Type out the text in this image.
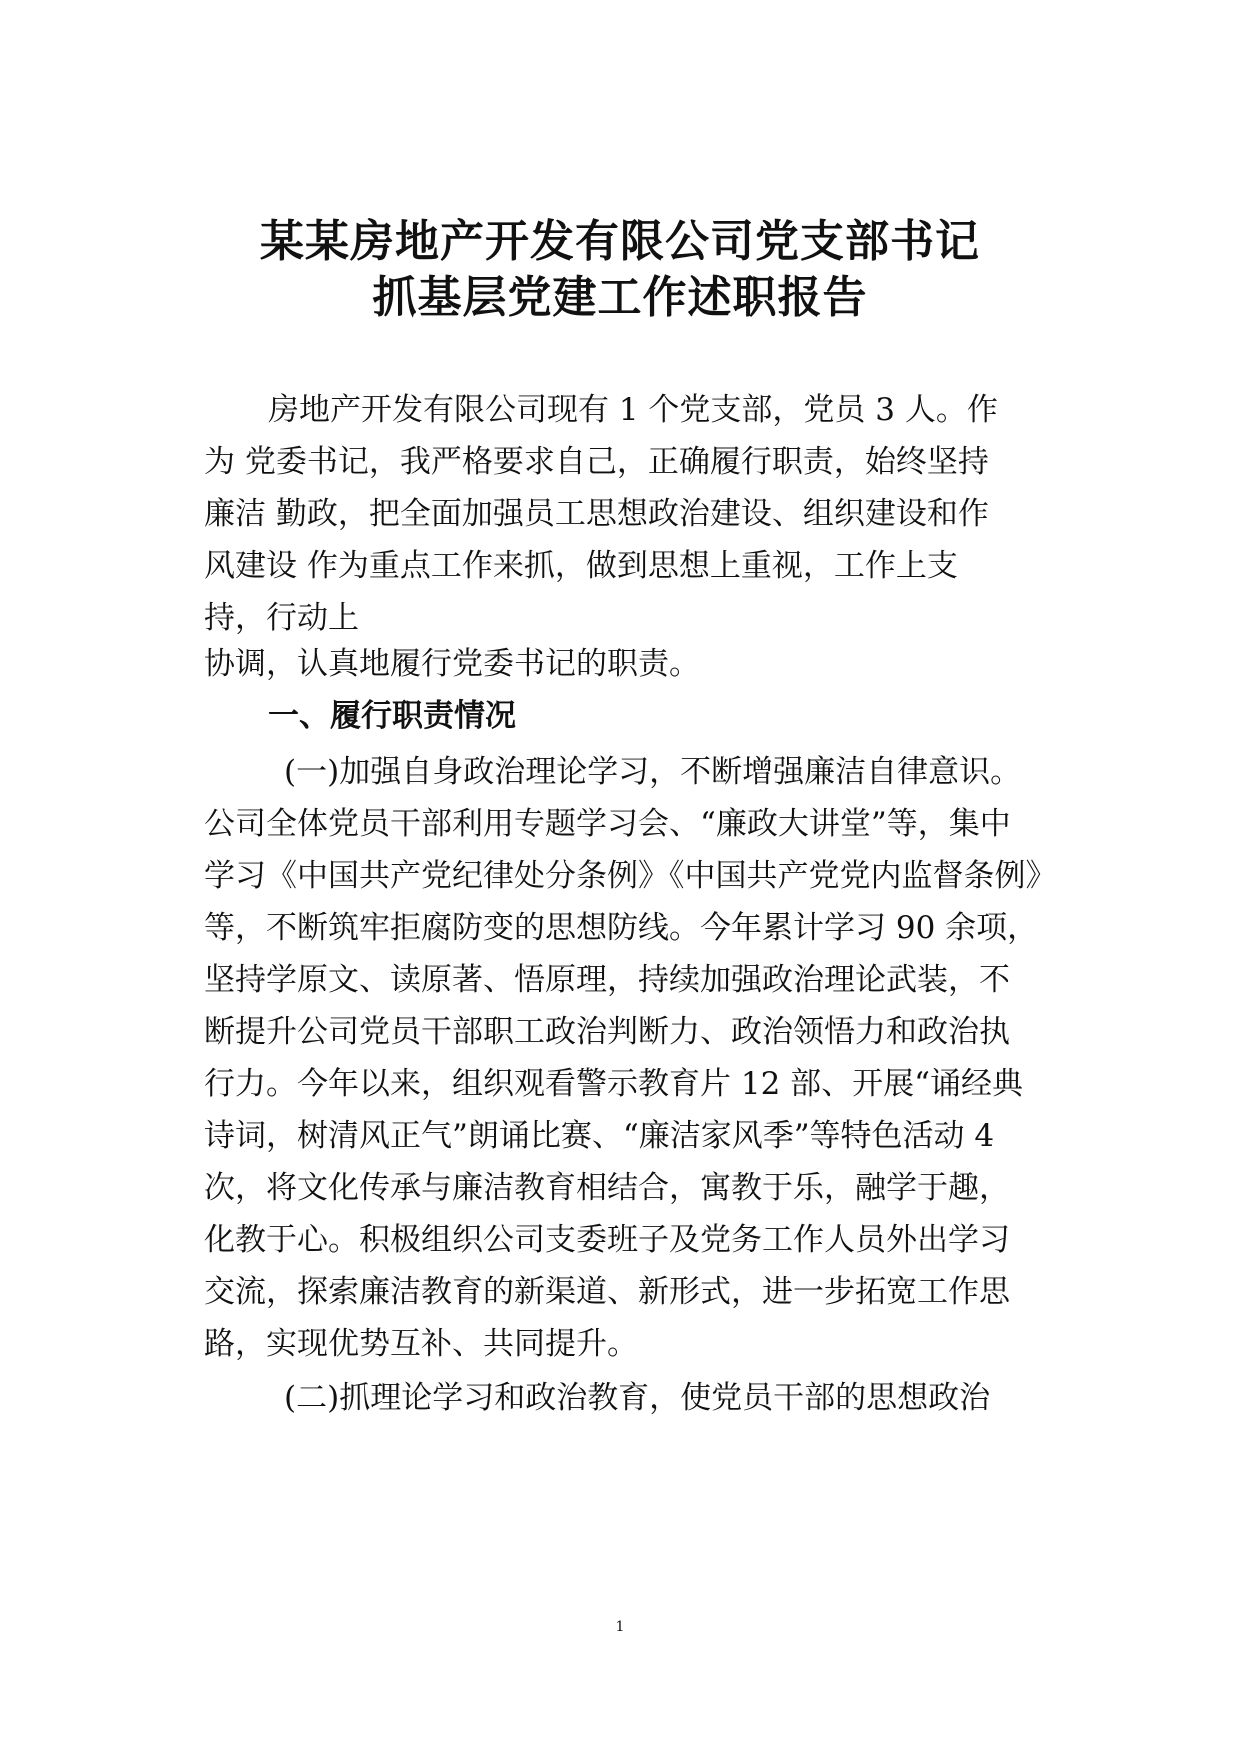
某某房地产开发有限公司党支部书记
抓基层党建工作述职报告

房地产开发有限公司现有 1 个党支部，党员 3 人。作

为 党委书记，我严格要求自己，正确履行职责，始终坚持

廉洁 勤政，把全面加强员工思想政治建设、组织建设和作

风建设 作为重点工作来抓，做到思想上重视，工作上支

持，行动上

协调，认真地履行党委书记的职责。

一、履行职责情况

(一)加强自身政治理论学习，不断增强廉洁自律意识。

公司全体党员干部利用专题学习会、“廉政大讲堂”等，集中

学习《中国共产党纪律处分条例》《中国共产党党内监督条例》

等，不断筑牢拒腐防变的思想防线。今年累计学习 90 余项，

坚持学原文、读原著、悟原理，持续加强政治理论武装，不

断提升公司党员干部职工政治判断力、政治领悟力和政治执

行力。今年以来，组织观看警示教育片 12 部、开展“诵经典

诗词，树清风正气”朗诵比赛、“廉洁家风季”等特色活动 4

次，将文化传承与廉洁教育相结合，寓教于乐，融学于趣，

化教于心。积极组织公司支委班子及党务工作人员外出学习

交流，探索廉洁教育的新渠道、新形式，进一步拓宽工作思

路，实现优势互补、共同提升。

(二)抓理论学习和政治教育，使党员干部的思想政治

1
